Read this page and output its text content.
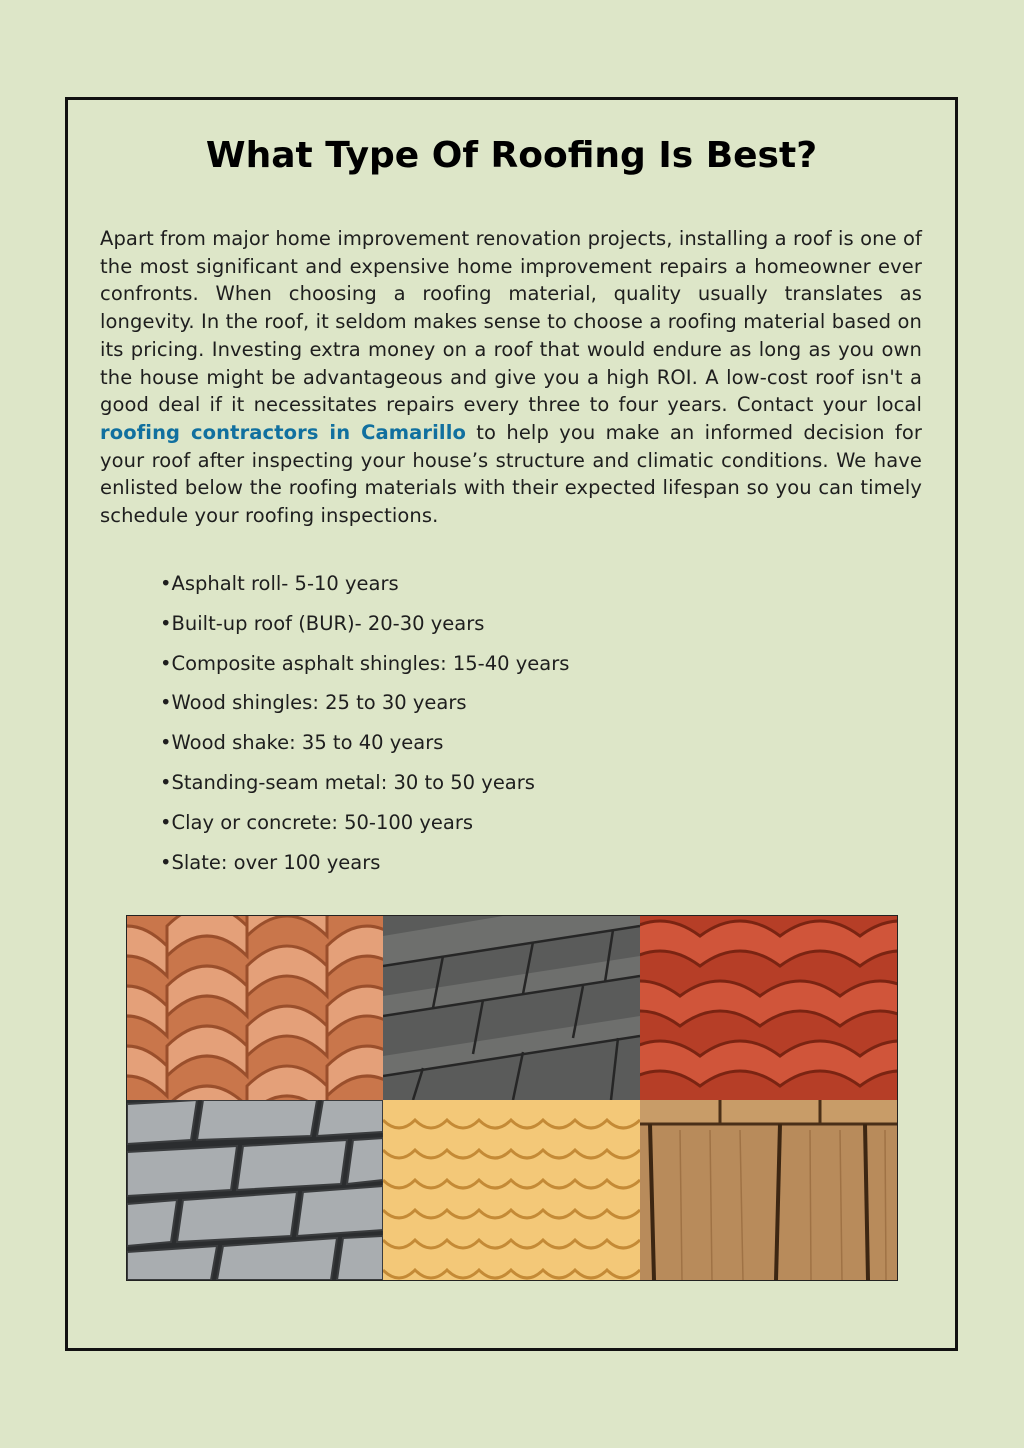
What Type Of Roofing Is Best?

Apart from major home improvement renovation projects, installing a roof is one of the most significant and expensive home improvement repairs a homeowner ever confronts. When choosing a roofing material, quality usually translates as longevity. In the roof, it seldom makes sense to choose a roofing material based on its pricing. Investing extra money on a roof that would endure as long as you own the house might be advantageous and give you a high ROI. A low-cost roof isn't a good deal if it necessitates repairs every three to four years. Contact your local roofing contractors in Camarillo to help you make an informed decision for your roof after inspecting your house’s structure and climatic conditions. We have enlisted below the roofing materials with their expected lifespan so you can timely schedule your roofing inspections.

•Asphalt roll- 5-10 years
•Built-up roof (BUR)- 20-30 years
•Composite asphalt shingles: 15-40 years
•Wood shingles: 25 to 30 years
•Wood shake: 35 to 40 years
•Standing-seam metal: 30 to 50 years
•Clay or concrete: 50-100 years
•Slate: over 100 years
